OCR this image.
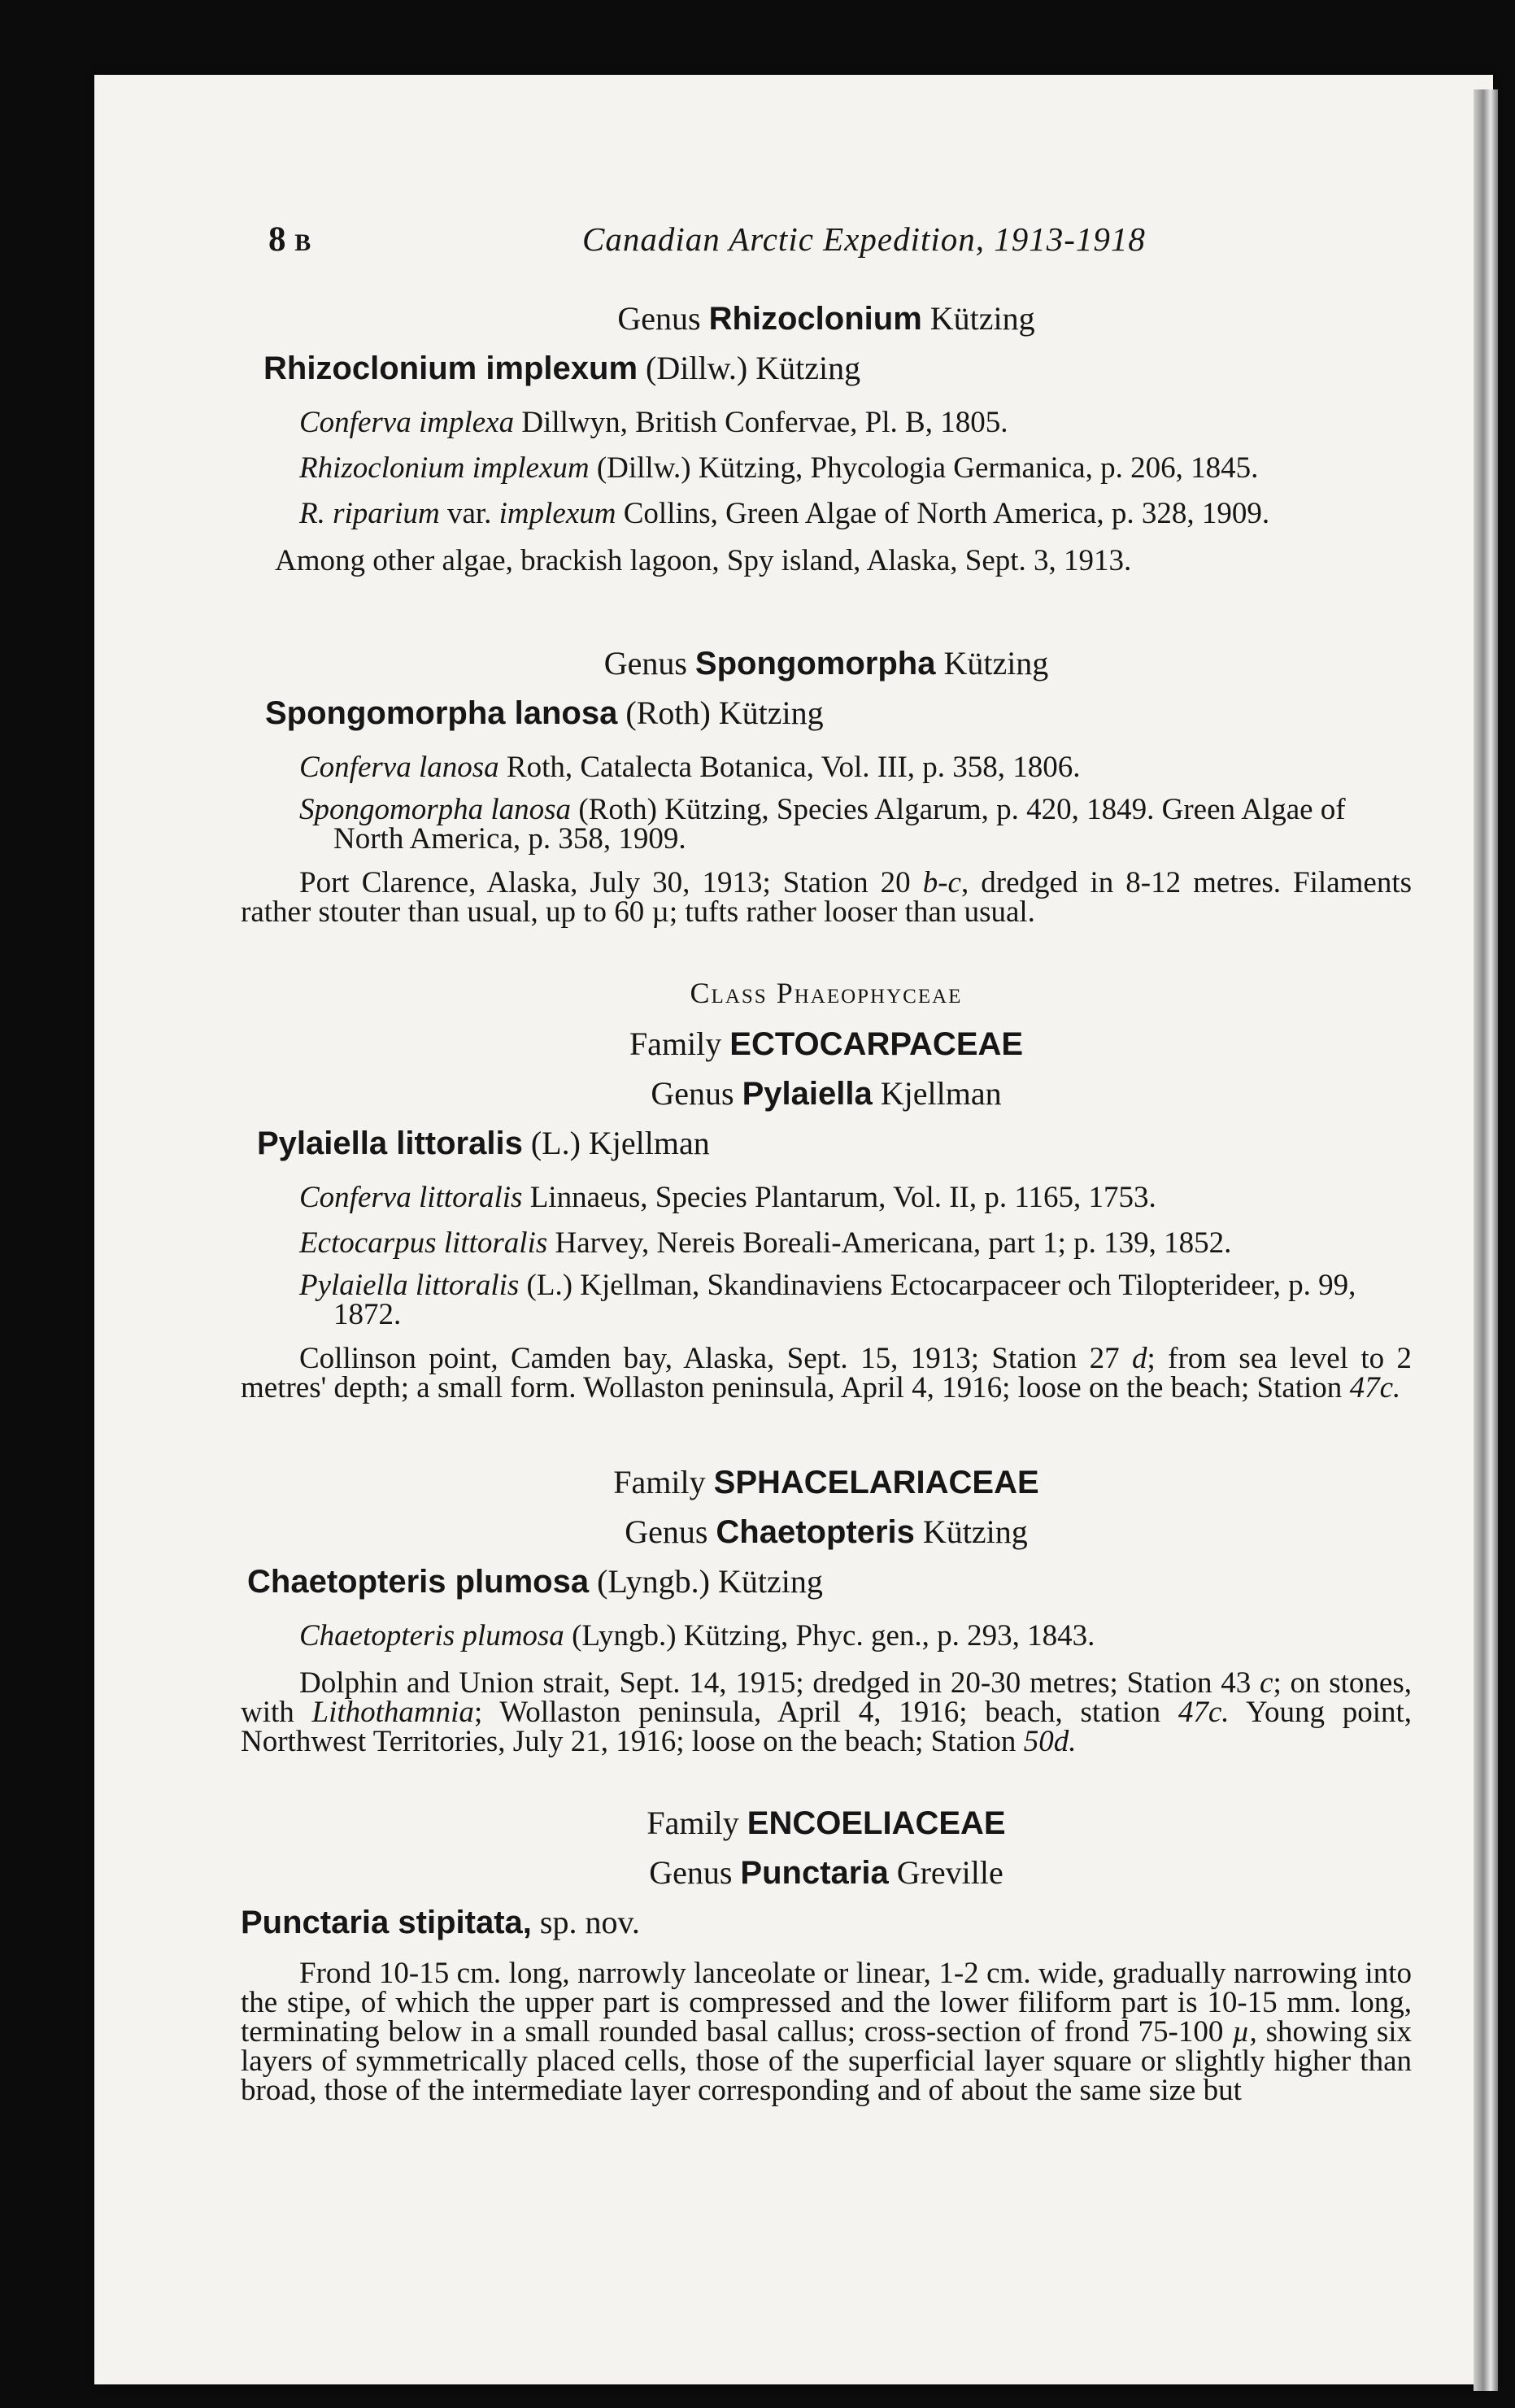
8 B	Canadian Arctic Expedition, 1913-1918
Genus Rhizoclonium Kützing
Rhizoclonium implexum (Dillw.) Kützing
Conferva implexa Dillwyn, British Confervae, Pl. B, 1805.
Rhizoclonium implexum (Dillw.) Kützing, Phycologia Germanica, p. 206, 1845.
R. riparium var. implexum Collins, Green Algae of North America, p. 328, 1909.
Among other algae, brackish lagoon, Spy island, Alaska, Sept. 3, 1913.
Genus Spongomorpha Kützing
Spongomorpha lanosa (Roth) Kützing
Conferva lanosa Roth, Catalecta Botanica, Vol. III, p. 358, 1806.
Spongomorpha lanosa (Roth) Kützing, Species Algarum, p. 420, 1849. Green Algae of North America, p. 358, 1909.
Port Clarence, Alaska, July 30, 1913; Station 20 b-c, dredged in 8-12 metres. Filaments rather stouter than usual, up to 60 µ; tufts rather looser than usual.
Class Phaeophyceae
Family ECTOCARPACEAE
Genus Pylaiella Kjellman
Pylaiella littoralis (L.) Kjellman
Conferva littoralis Linnaeus, Species Plantarum, Vol. II, p. 1165, 1753.
Ectocarpus littoralis Harvey, Nereis Boreali-Americana, part 1; p. 139, 1852.
Pylaiella littoralis (L.) Kjellman, Skandinaviens Ectocarpaceer och Tilopterideer, p. 99, 1872.
Collinson point, Camden bay, Alaska, Sept. 15, 1913; Station 27 d; from sea level to 2 metres' depth; a small form. Wollaston peninsula, April 4, 1916; loose on the beach; Station 47c.
Family SPHACELARIACEAE
Genus Chaetopteris Kützing
Chaetopteris plumosa (Lyngb.) Kützing
Chaetopteris plumosa (Lyngb.) Kützing, Phyc. gen., p. 293, 1843.
Dolphin and Union strait, Sept. 14, 1915; dredged in 20-30 metres; Station 43 c; on stones, with Lithothamnia; Wollaston peninsula, April 4, 1916; beach, station 47c. Young point, Northwest Territories, July 21, 1916; loose on the beach; Station 50d.
Family ENCOELIACEAE
Genus Punctaria Greville
Punctaria stipitata, sp. nov.
Frond 10-15 cm. long, narrowly lanceolate or linear, 1-2 cm. wide, gradually narrowing into the stipe, of which the upper part is compressed and the lower filiform part is 10-15 mm. long, terminating below in a small rounded basal callus; cross-section of frond 75-100 µ, showing six layers of symmetrically placed cells, those of the superficial layer square or slightly higher than broad, those of the intermediate layer corresponding and of about the same size but
